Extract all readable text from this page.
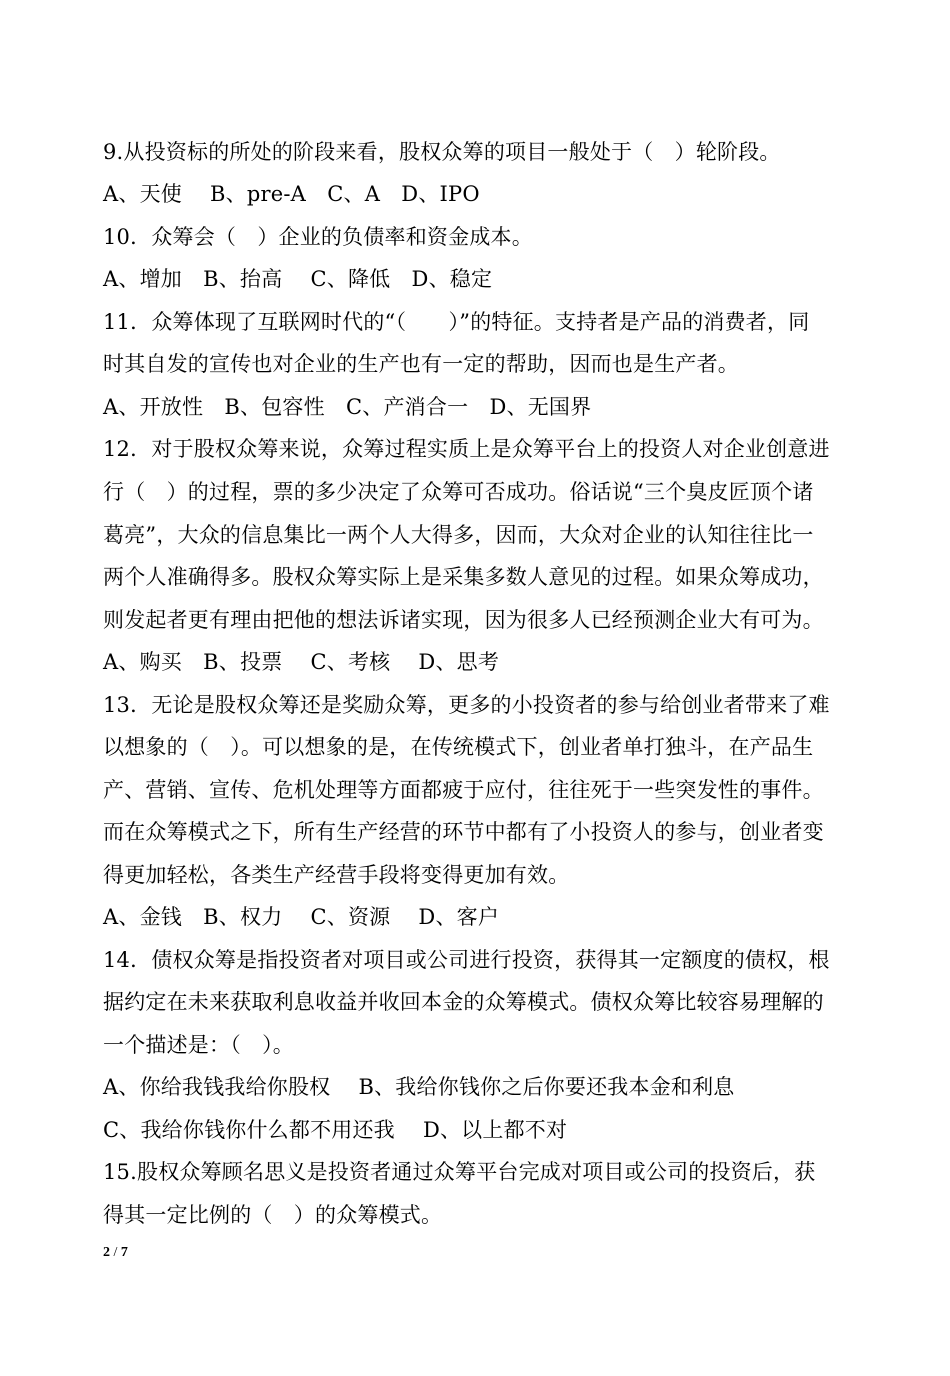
9.从投资标的所处的阶段来看，股权众筹的项目一般处于（　）轮阶段。
A、天使　 B、pre-A　C、A　D、IPO
10．众筹会（　）企业的负债率和资金成本。
A、增加　B、抬高　 C、降低　D、稳定
11．众筹体现了互联网时代的“（　　）”的特征。支持者是产品的消费者，同
时其自发的宣传也对企业的生产也有一定的帮助，因而也是生产者。
A、开放性　B、包容性　C、产消合一　D、无国界
12．对于股权众筹来说，众筹过程实质上是众筹平台上的投资人对企业创意进
行（　）的过程，票的多少决定了众筹可否成功。俗话说“三个臭皮匠顶个诸
葛亮”，大众的信息集比一两个人大得多，因而，大众对企业的认知往往比一
两个人准确得多。股权众筹实际上是采集多数人意见的过程。如果众筹成功，
则发起者更有理由把他的想法诉诸实现，因为很多人已经预测企业大有可为。
A、购买　B、投票　 C、考核　 D、思考
13．无论是股权众筹还是奖励众筹，更多的小投资者的参与给创业者带来了难
以想象的（　）。可以想象的是，在传统模式下，创业者单打独斗，在产品生
产、营销、宣传、危机处理等方面都疲于应付，往往死于一些突发性的事件。
而在众筹模式之下，所有生产经营的环节中都有了小投资人的参与，创业者变
得更加轻松，各类生产经营手段将变得更加有效。
A、金钱　B、权力　 C、资源　 D、客户
14．债权众筹是指投资者对项目或公司进行投资，获得其一定额度的债权，根
据约定在未来获取利息收益并收回本金的众筹模式。债权众筹比较容易理解的
一个描述是：（　）。
A、你给我钱我给你股权　 B、我给你钱你之后你要还我本金和利息
C、我给你钱你什么都不用还我　 D、以上都不对
15.股权众筹顾名思义是投资者通过众筹平台完成对项目或公司的投资后，获
得其一定比例的（　）的众筹模式。
2 / 7
